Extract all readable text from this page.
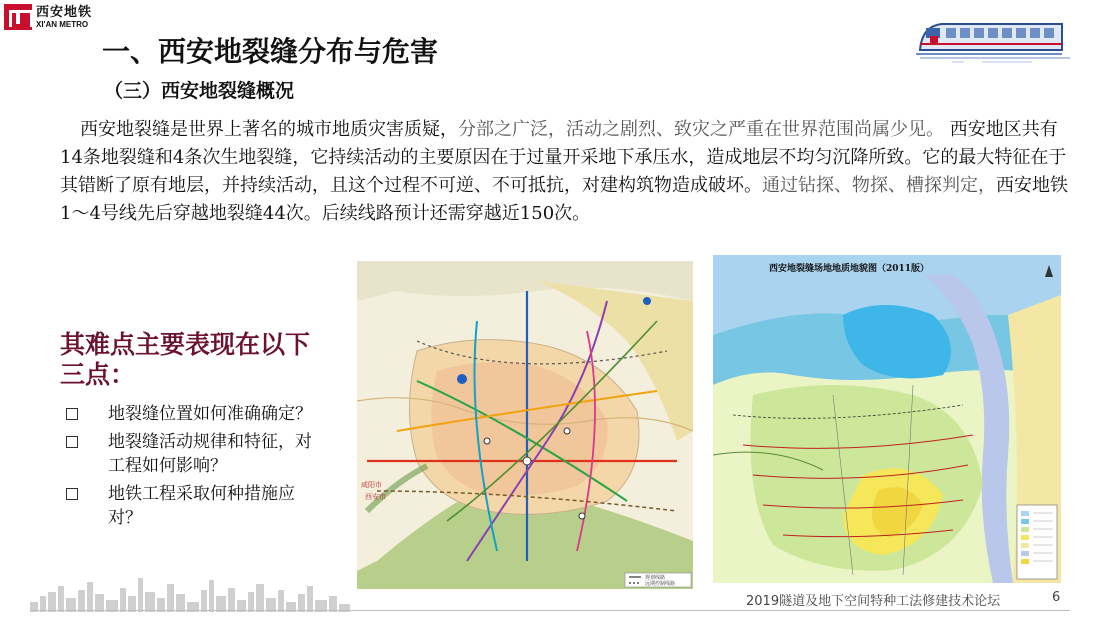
西安地铁
XI'AN METRO
一、西安地裂缝分布与危害
（三）西安地裂缝概况
西安地裂缝是世界上著名的城市地质灾害质疑，分部之广泛，活动之剧烈、致灾之严重在世界范围尚属少见。 西安地区共有14条地裂缝和4条次生地裂缝，它持续活动的主要原因在于过量开采地下承压水，造成地层不均匀沉降所致。它的最大特征在于其错断了原有地层，并持续活动，且这个过程不可逆、不可抵抗，对建构筑物造成破坏。通过钻探、物探、槽探判定，西安地铁1～4号线先后穿越地裂缝44次。后续线路预计还需穿越近150次。
其难点主要表现在以下三点：
地裂缝位置如何准确确定？
地裂缝活动规律和特征，对工程如何影响？
地铁工程采取何种措施应对？
咸阳市
西安市
规划线路
远期控制线路
西安地裂缝场地地质地貌图（2011版）
2019隧道及地下空间特种工法修建技术论坛	6
